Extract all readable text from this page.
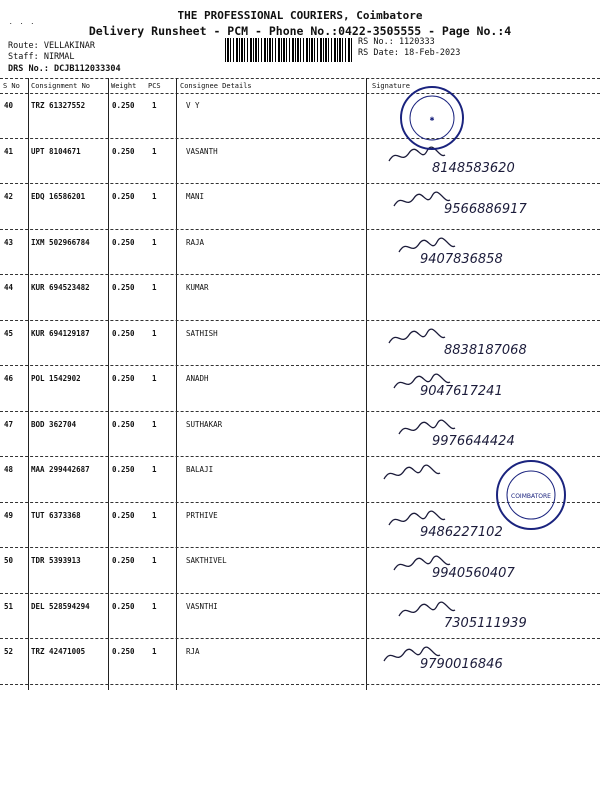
THE PROFESSIONAL COURIERS, Coimbatore
Delivery Runsheet - PCM - Phone No.:0422-3505555 - Page No.:4
Route: VELLAKINAR
Staff: NIRMAL
DRS No.: DCJB112033304
RS No.: 1120333
RS Date: 18-Feb-2023
˙ ˙ ˙
S No Consignment No	Weight PCS	Consignee Details	Signature
40 TRZ 61327552	0.250 1	V Y
41 UPT 8104671	0.250 1	VASANTH
8148583620
42 EDQ 16586201	0.250 1	MANI
9566886917
43 IXM 502966784	0.250 1	RAJA
9407836858
44 KUR 694523482	0.250 1	KUMAR
45 KUR 694129187	0.250 1	SATHISH
8838187068
46 POL 1542902	0.250 1	ANADH
9047617241
47 BOD 362704	0.250 1	SUTHAKAR
9976644424
48 MAA 299442687	0.250 1	BALAJI
49 TUT 6373368	0.250 1	PRTHIVE
9486227102
50 TDR 5393913	0.250 1	SAKTHIVEL
9940560407
51 DEL 528594294	0.250 1	VASNTHI
7305111939
52 TRZ 42471005	0.250 1	RJA
9790016846
✱
COIMBATORE
